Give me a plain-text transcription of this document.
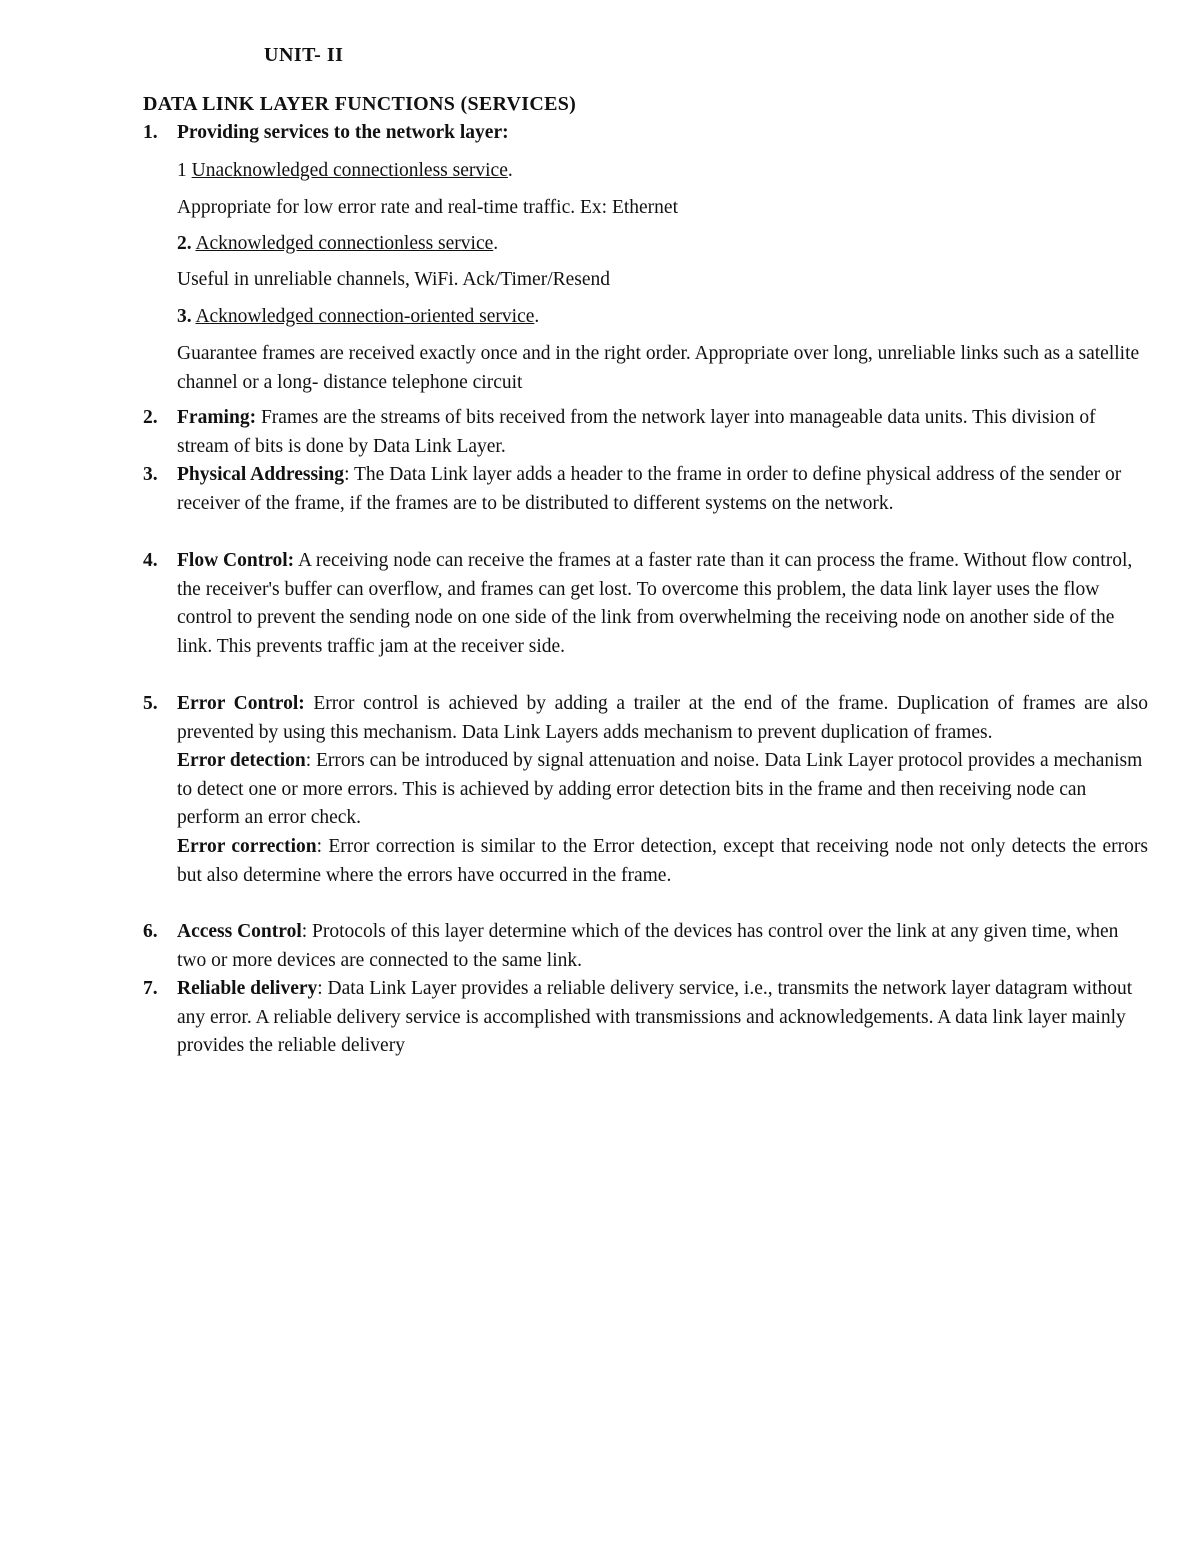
UNIT- II
DATA LINK LAYER FUNCTIONS (SERVICES)
1. Providing services to the network layer:

1 Unacknowledged connectionless service.

Appropriate for low error rate and real-time traffic. Ex: Ethernet

2. Acknowledged connectionless service.

Useful in unreliable channels, WiFi. Ack/Timer/Resend

3. Acknowledged connection-oriented service.

Guarantee frames are received exactly once and in the right order. Appropriate over long, unreliable links such as a satellite channel or a long- distance telephone circuit

2. Framing: Frames are the streams of bits received from the network layer into manageable data units. This division of stream of bits is done by Data Link Layer.

3. Physical Addressing: The Data Link layer adds a header to the frame in order to define physical address of the sender or receiver of the frame, if the frames are to be distributed to different systems on the network.

4. Flow Control: A receiving node can receive the frames at a faster rate than it can process the frame. Without flow control, the receiver's buffer can overflow, and frames can get lost. To overcome this problem, the data link layer uses the flow control to prevent the sending node on one side of the link from overwhelming the receiving node on another side of the link. This prevents traffic jam at the receiver side.

5. Error Control: Error control is achieved by adding a trailer at the end of the frame. Duplication of frames are also prevented by using this mechanism. Data Link Layers adds mechanism to prevent duplication of frames.

Error detection: Errors can be introduced by signal attenuation and noise. Data Link Layer protocol provides a mechanism to detect one or more errors. This is achieved by adding error detection bits in the frame and then receiving node can perform an error check.

Error correction: Error correction is similar to the Error detection, except that receiving node not only detects the errors but also determine where the errors have occurred in the frame.

6. Access Control: Protocols of this layer determine which of the devices has control over the link at any given time, when two or more devices are connected to the same link.

7. Reliable delivery: Data Link Layer provides a reliable delivery service, i.e., transmits the network layer datagram without any error. A reliable delivery service is accomplished with transmissions and acknowledgements. A data link layer mainly provides the reliable delivery
